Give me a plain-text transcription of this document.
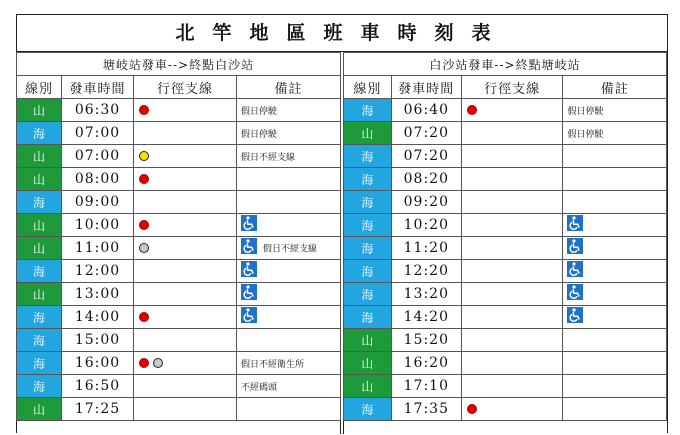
北竿地區班車時刻表
塘岐站發車-->終點白沙站			
線別	發車時間	行徑支線	備註
山	06:30		假日停駛
海	07:00		假日停駛
山	07:00		假日不經支線
山	08:00		
海	09:00		
山	10:00		

山	11:00		假日不經支線
海	12:00		

山	13:00		

海	14:00		

海	15:00		
海	16:00		假日不經衛生所
海	16:50		不經碼頭
山	17:25		
白沙站發車-->終點塘岐站			
線別	發車時間	行徑支線	備註
海	06:40		假日停駛
山	07:20		假日停駛
海	07:20		
海	08:20		
海	09:20		
海	10:20		

海	11:20		

海	12:20		

海	13:20		

海	14:20		

山	15:20		
山	16:20		
山	17:10		
海	17:35		
